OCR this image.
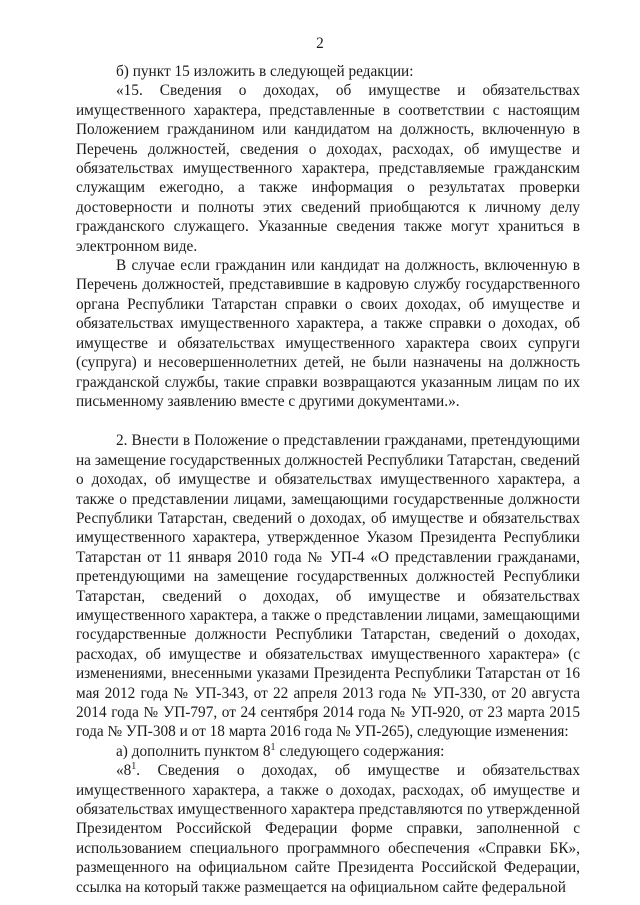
2

б) пункт 15 изложить в следующей редакции:

«15. Сведения о доходах, об имуществе и обязательствах имущественного характера, представленные в соответствии с настоящим Положением гражданином или кандидатом на должность, включенную в Перечень должностей, сведения о доходах, расходах, об имуществе и обязательствах имущественного характера, представляемые гражданским служащим ежегодно, а также информация о результатах проверки достоверности и полноты этих сведений приобщаются к личному делу гражданского служащего. Указанные сведения также могут храниться в электронном виде.

В случае если гражданин или кандидат на должность, включенную в Перечень должностей, представившие в кадровую службу государственного органа Республики Татарстан справки о своих доходах, об имуществе и обязательствах имущественного характера, а также справки о доходах, об имуществе и обязательствах имущественного характера своих супруги (супруга) и несовершеннолетних детей, не были назначены на должность гражданской службы, такие справки возвращаются указанным лицам по их письменному заявлению вместе с другими документами.».

2. Внести в Положение о представлении гражданами, претендующими на замещение государственных должностей Республики Татарстан, сведений о доходах, об имуществе и обязательствах имущественного характера, а также о представлении лицами, замещающими государственные должности Республики Татарстан, сведений о доходах, об имуществе и обязательствах имущественного характера, утвержденное Указом Президента Республики Татарстан от 11 января 2010 года № УП-4 «О представлении гражданами, претендующими на замещение государственных должностей Республики Татарстан, сведений о доходах, об имуществе и обязательствах имущественного характера, а также о представлении лицами, замещающими государственные должности Республики Татарстан, сведений о доходах, расходах, об имуществе и обязательствах имущественного характера» (с изменениями, внесенными указами Президента Республики Татарстан от 16 мая 2012 года № УП-343, от 22 апреля 2013 года № УП-330, от 20 августа 2014 года № УП-797, от 24 сентября 2014 года № УП-920, от 23 марта 2015 года № УП-308 и от 18 марта 2016 года № УП-265), следующие изменения:

а) дополнить пунктом $8^1$ следующего содержания:

«$8^1$. Сведения о доходах, об имуществе и обязательствах имущественного характера, а также о доходах, расходах, об имуществе и обязательствах имущественного характера представляются по утвержденной Президентом Российской Федерации форме справки, заполненной с использованием специального программного обеспечения «Справки БК», размещенного на официальном сайте Президента Российской Федерации, ссылка на который также размещается на официальном сайте федеральной
